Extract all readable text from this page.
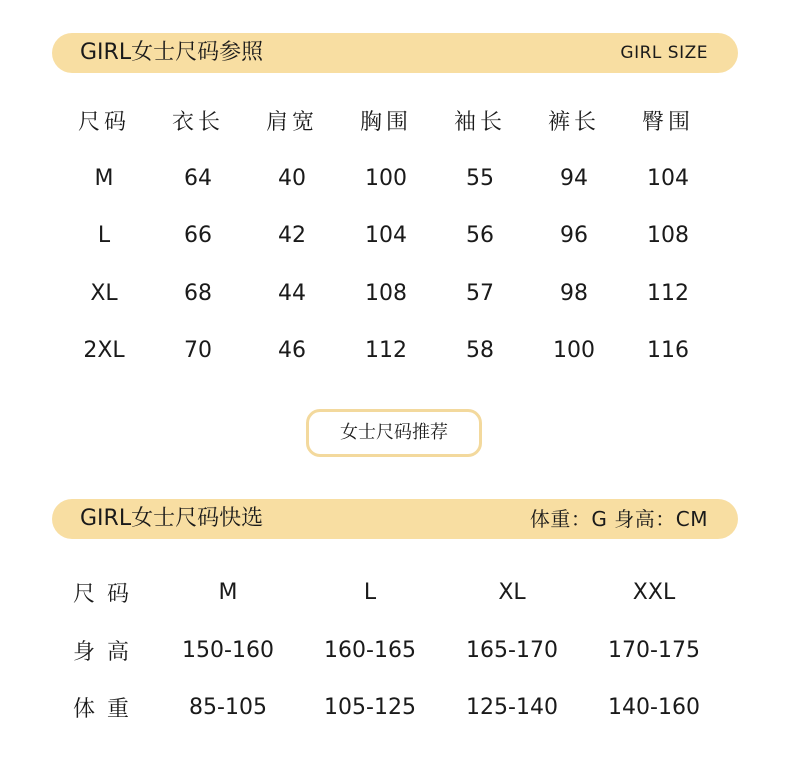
GIRL女士尺码参照	GIRL SIZE
尺码	衣长	肩宽	胸围	袖长	裤长	臀围
M	64	40	100	55	94	104
L	66	42	104	56	96	108
XL	68	44	108	57	98	112
2XL	70	46	112	58	100	116
女士尺码推荐
GIRL女士尺码快选	体重：G 身高：CM
尺码	M	L	XL	XXL
身高	150-160	160-165	165-170	170-175
体重	85-105	105-125	125-140	140-160
